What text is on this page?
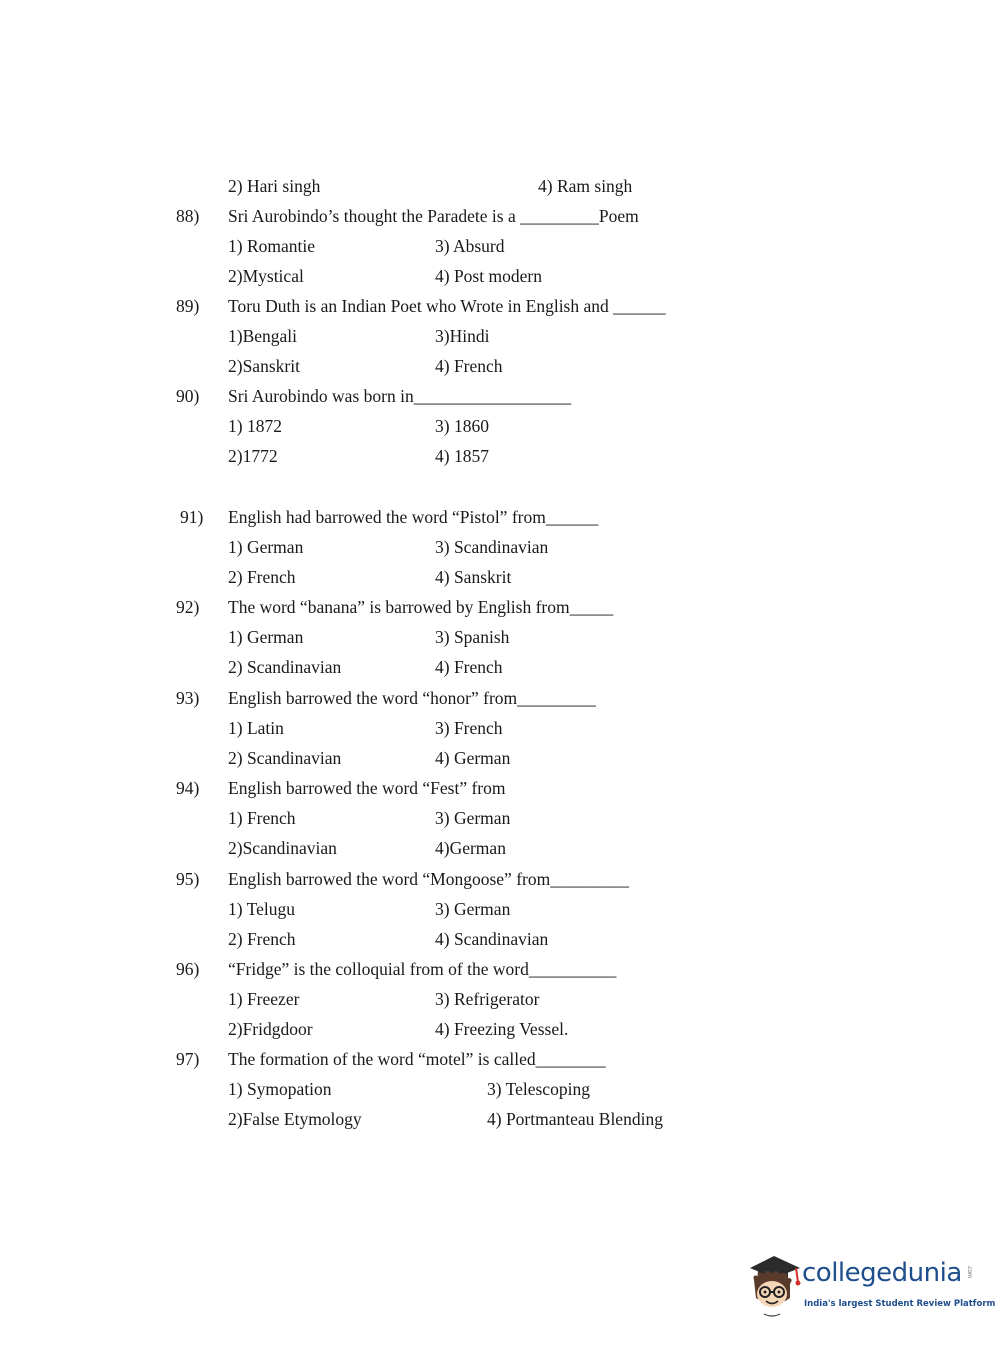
2) Hari singh	4) Ram singh
88) Sri Aurobindo’s thought the Paradete is a _________Poem
1) Romantie	3) Absurd
2)Mystical	4) Post modern
89) Toru Duth is an Indian Poet who Wrote in English and ______
1)Bengali	3)Hindi
2)Sanskrit	4) French
90) Sri Aurobindo was born in__________________
1) 1872	3) 1860
2)1772	4) 1857
91) English had barrowed the word “Pistol” from______
1) German	3) Scandinavian
2) French	4) Sanskrit
92) The word “banana” is barrowed by English from_____
1) German	3) Spanish
2) Scandinavian	4) French
93) English barrowed the word “honor” from_________
1) Latin	3) French
2) Scandinavian	4) German
94) English barrowed the word “Fest” from
1) French	3) German
2)Scandinavian	4)German
95) English barrowed the word “Mongoose” from_________
1) Telugu	3) German
2) French	4) Scandinavian
96) “Fridge” is the colloquial from of the word__________
1) Freezer	3) Refrigerator
2)Fridgdoor	4) Freezing Vessel.
97) The formation of the word “motel” is called________
1) Symopation	3) Telescoping
2)False Etymology	4) Portmanteau Blending
collegedunia .com
India's largest Student Review Platform
